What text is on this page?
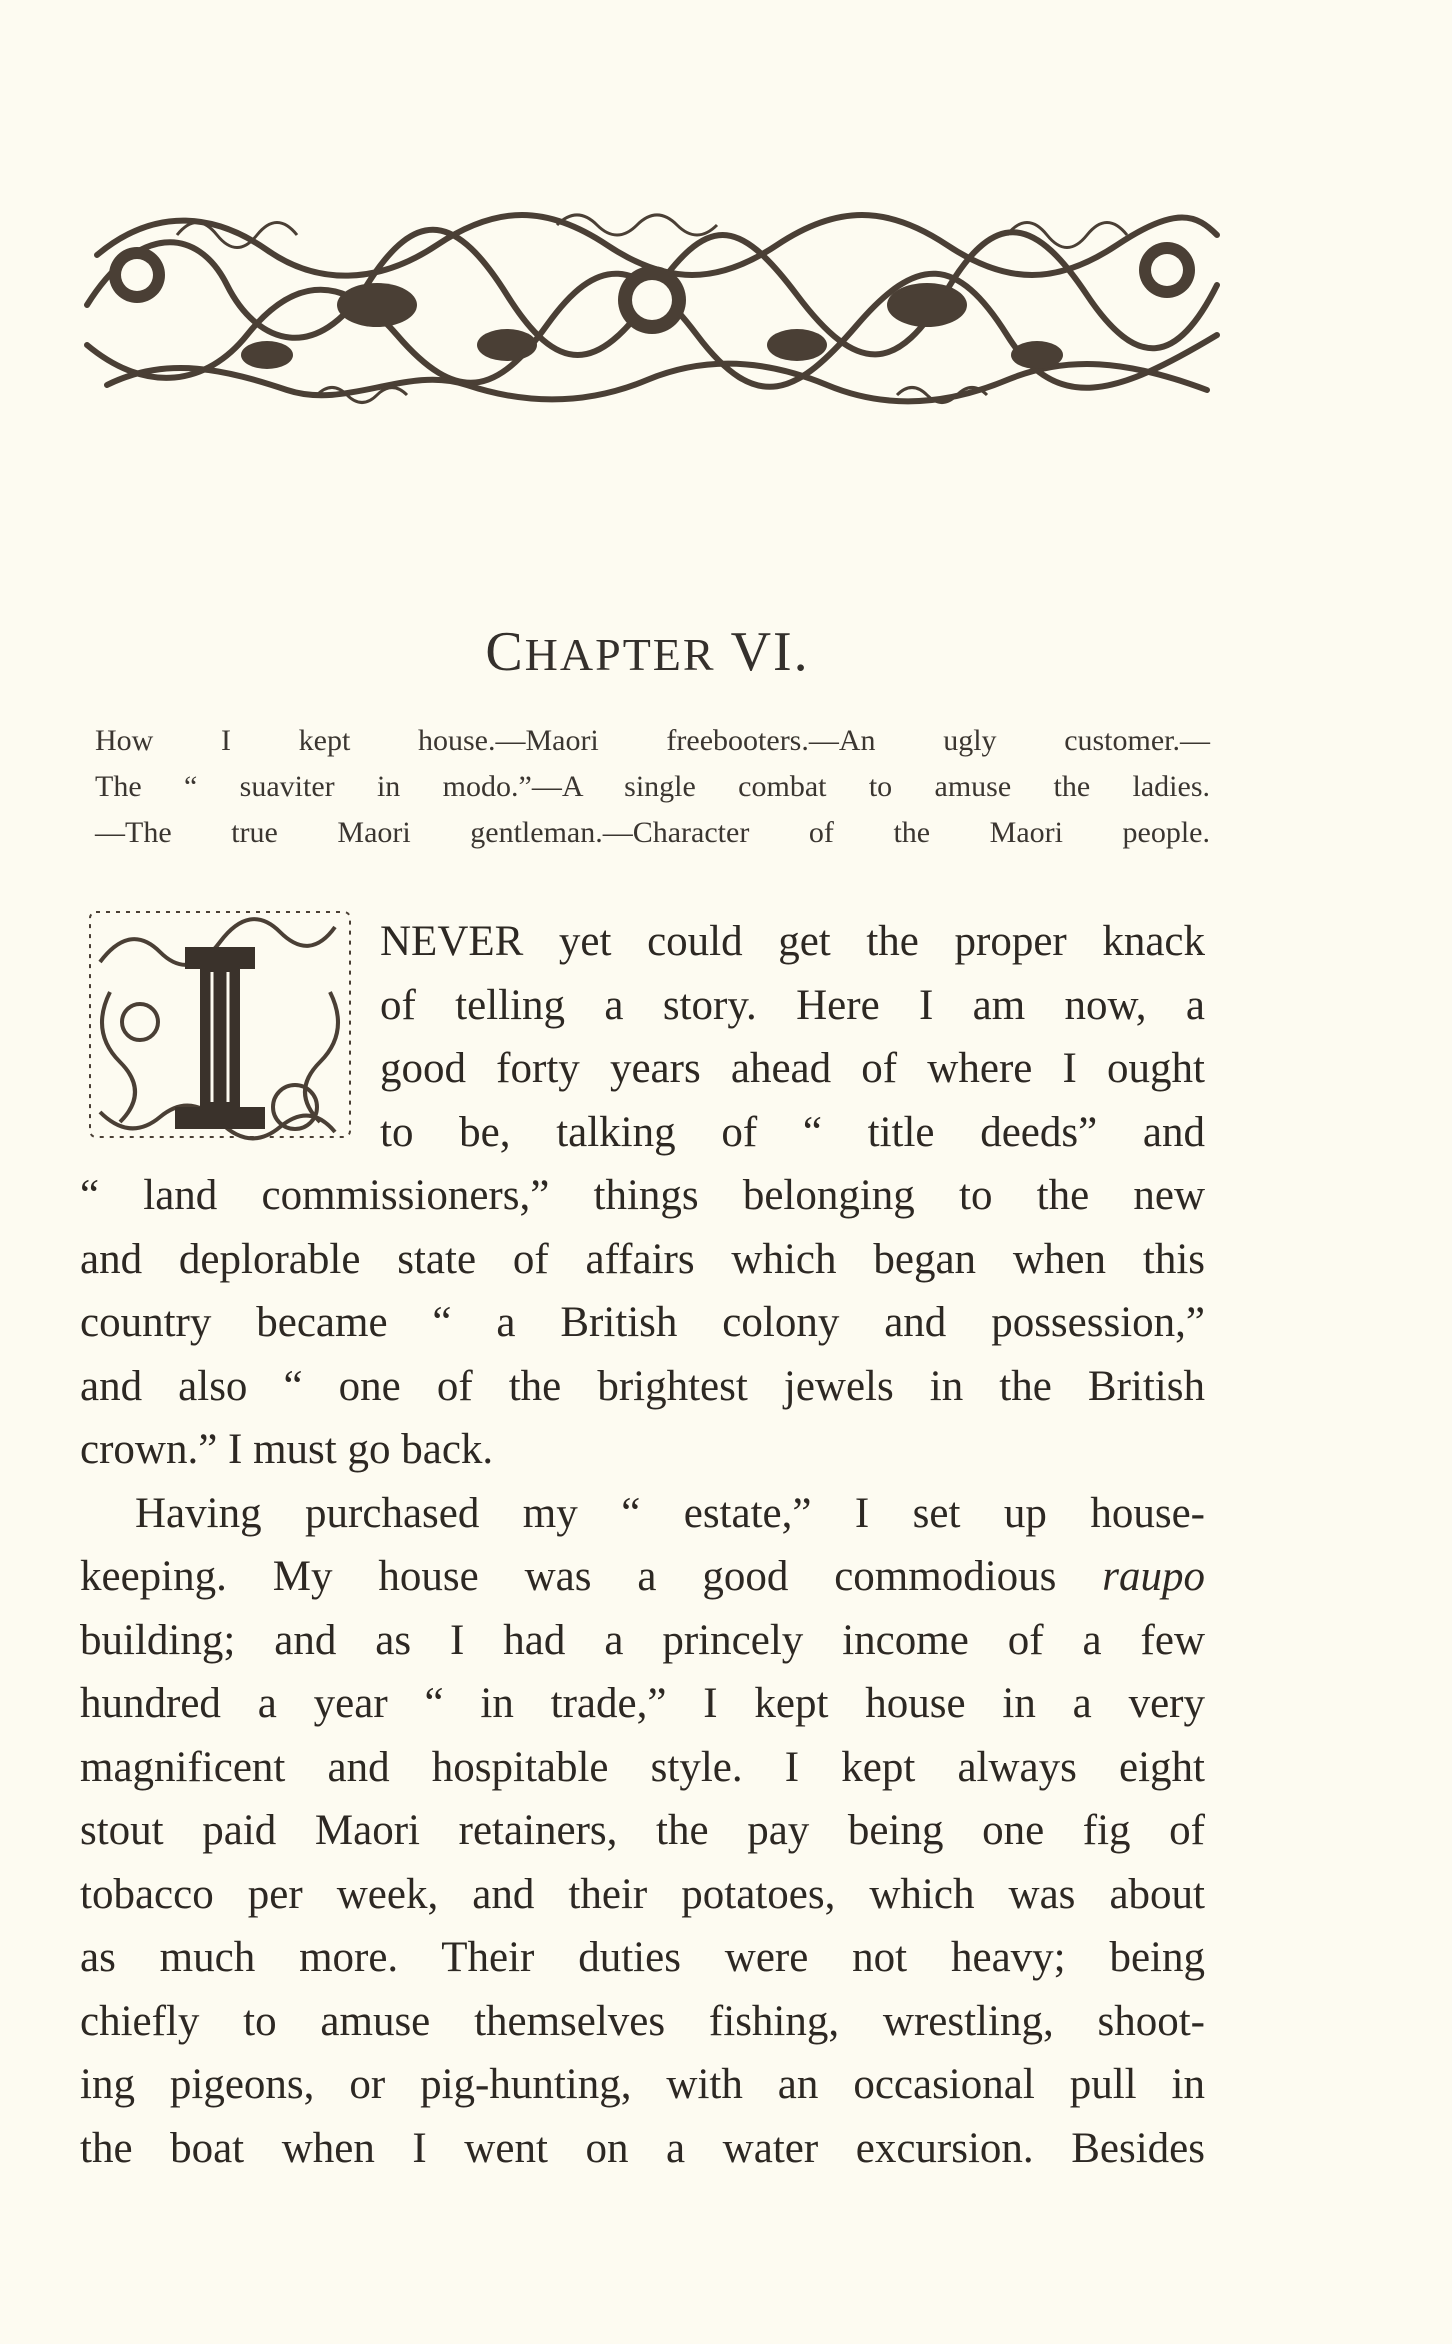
CHAPTER VI.
How I kept house.—Maori freebooters.—An ugly customer.—
The “ suaviter in modo.”—A single combat to amuse the ladies.
—The true Maori gentleman.—Character of the Maori people.
NEVER yet could get the proper knack
of telling a story. Here I am now, a
good forty years ahead of where I ought
to be, talking of “ title deeds” and
“ land commissioners,” things belonging to the new
and deplorable state of affairs which began when this
country became “ a British colony and possession,”
and also “ one of the brightest jewels in the British
crown.” I must go back.
Having purchased my “ estate,” I set up house-
keeping. My house was a good commodious raupo
building; and as I had a princely income of a few
hundred a year “ in trade,” I kept house in a very
magnificent and hospitable style. I kept always eight
stout paid Maori retainers, the pay being one fig of
tobacco per week, and their potatoes, which was about
as much more. Their duties were not heavy; being
chiefly to amuse themselves fishing, wrestling, shoot-
ing pigeons, or pig-hunting, with an occasional pull in
the boat when I went on a water excursion. Besides
